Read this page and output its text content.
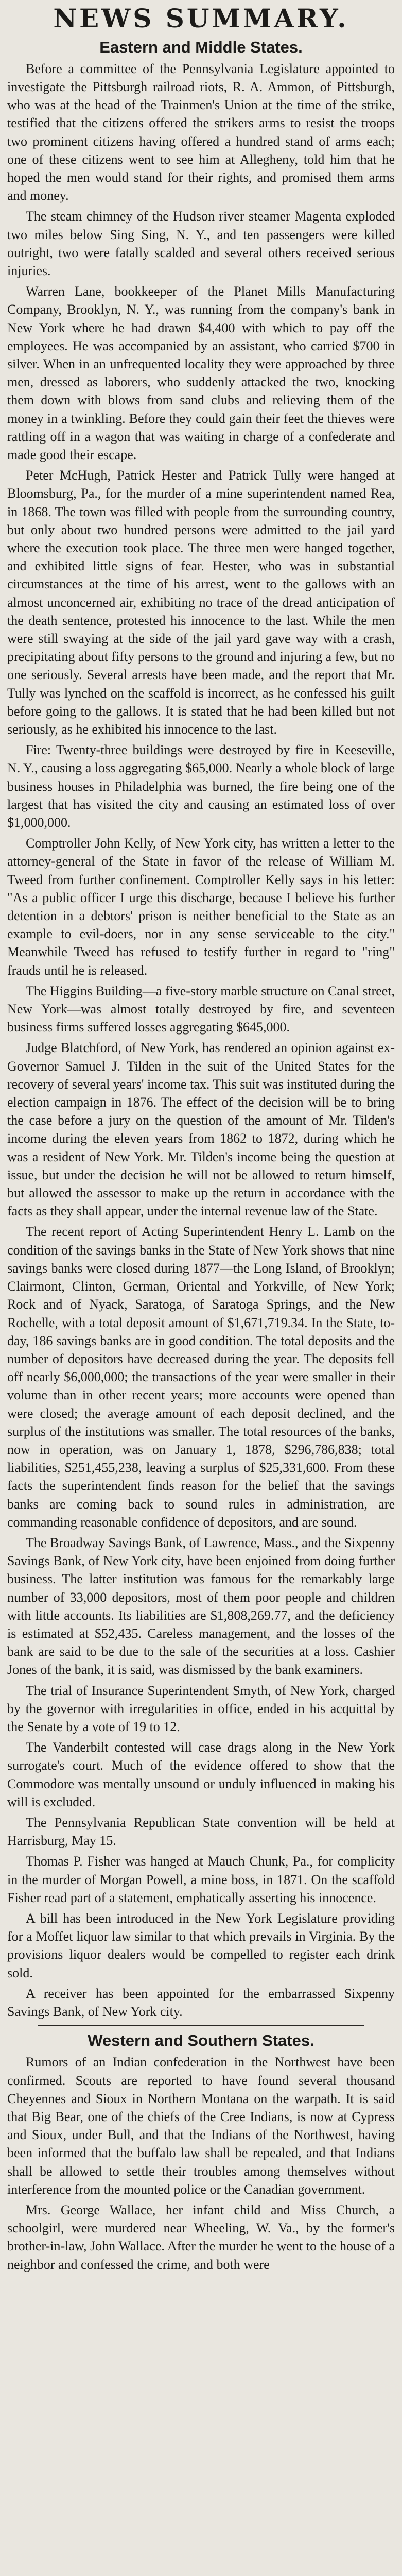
NEWS SUMMARY.
Eastern and Middle States.

Before a committee of the Pennsylvania Legislature appointed to investigate the Pittsburgh railroad riots, R. A. Ammon, of Pittsburgh, who was at the head of the Trainmen's Union at the time of the strike, testified that the citizens offered the strikers arms to resist the troops two prominent citizens having offered a hundred stand of arms each; one of these citizens went to see him at Allegheny, told him that he hoped the men would stand for their rights, and promised them arms and money.

The steam chimney of the Hudson river steamer Magenta exploded two miles below Sing Sing, N. Y., and ten passengers were killed outright, two were fatally scalded and several others received serious injuries.

Warren Lane, bookkeeper of the Planet Mills Manufacturing Company, Brooklyn, N. Y., was running from the company's bank in New York where he had drawn $4,400 with which to pay off the employees. He was accompanied by an assistant, who carried $700 in silver. When in an unfrequented locality they were approached by three men, dressed as laborers, who suddenly attacked the two, knocking them down with blows from sand clubs and relieving them of the money in a twinkling. Before they could gain their feet the thieves were rattling off in a wagon that was waiting in charge of a confederate and made good their escape.

Peter McHugh, Patrick Hester and Patrick Tully were hanged at Bloomsburg, Pa., for the murder of a mine superintendent named Rea, in 1868. The town was filled with people from the surrounding country, but only about two hundred persons were admitted to the jail yard where the execution took place. The three men were hanged together, and exhibited little signs of fear. Hester, who was in substantial circumstances at the time of his arrest, went to the gallows with an almost unconcerned air, exhibiting no trace of the dread anticipation of the death sentence, protested his innocence to the last. While the men were still swaying at the side of the jail yard gave way with a crash, precipitating about fifty persons to the ground and injuring a few, but no one seriously. Several arrests have been made, and the report that Mr. Tully was lynched on the scaffold is incorrect, as he confessed his guilt before going to the gallows. It is stated that he had been killed but not seriously, as he exhibited his innocence to the last.

Fire: Twenty-three buildings were destroyed by fire in Keeseville, N. Y., causing a loss aggregating $65,000. Nearly a whole block of large business houses in Philadelphia was burned, the fire being one of the largest that has visited the city and causing an estimated loss of over $1,000,000.

Comptroller John Kelly, of New York city, has written a letter to the attorney-general of the State in favor of the release of William M. Tweed from further confinement. Comptroller Kelly says in his letter: "As a public officer I urge this discharge, because I believe his further detention in a debtors' prison is neither beneficial to the State as an example to evil-doers, nor in any sense serviceable to the city." Meanwhile Tweed has refused to testify further in regard to "ring" frauds until he is released.

The Higgins Building—a five-story marble structure on Canal street, New York—was almost totally destroyed by fire, and seventeen business firms suffered losses aggregating $645,000.

Judge Blatchford, of New York, has rendered an opinion against ex-Governor Samuel J. Tilden in the suit of the United States for the recovery of several years' income tax. This suit was instituted during the election campaign in 1876. The effect of the decision will be to bring the case before a jury on the question of the amount of Mr. Tilden's income during the eleven years from 1862 to 1872, during which he was a resident of New York. Mr. Tilden's income being the question at issue, but under the decision he will not be allowed to return himself, but allowed the assessor to make up the return in accordance with the facts as they shall appear, under the internal revenue law of the State.

The recent report of Acting Superintendent Henry L. Lamb on the condition of the savings banks in the State of New York shows that nine savings banks were closed during 1877—the Long Island, of Brooklyn; Clairmont, Clinton, German, Oriental and Yorkville, of New York; Rock and of Nyack, Saratoga, of Saratoga Springs, and the New Rochelle, with a total deposit amount of $1,671,719.34. In the State, to-day, 186 savings banks are in good condition. The total deposits and the number of depositors have decreased during the year. The deposits fell off nearly $6,000,000; the transactions of the year were smaller in their volume than in other recent years; more accounts were opened than were closed; the average amount of each deposit declined, and the surplus of the institutions was smaller. The total resources of the banks, now in operation, was on January 1, 1878, $296,786,838; total liabilities, $251,455,238, leaving a surplus of $25,331,600. From these facts the superintendent finds reason for the belief that the savings banks are coming back to sound rules in administration, are commanding reasonable confidence of depositors, and are sound.

The Broadway Savings Bank, of Lawrence, Mass., and the Sixpenny Savings Bank, of New York city, have been enjoined from doing further business. The latter institution was famous for the remarkably large number of 33,000 depositors, most of them poor people and children with little accounts. Its liabilities are $1,808,269.77, and the deficiency is estimated at $52,435. Careless management, and the losses of the bank are said to be due to the sale of the securities at a loss. Cashier Jones of the bank, it is said, was dismissed by the bank examiners.

The trial of Insurance Superintendent Smyth, of New York, charged by the governor with irregularities in office, ended in his acquittal by the Senate by a vote of 19 to 12.

The Vanderbilt contested will case drags along in the New York surrogate's court. Much of the evidence offered to show that the Commodore was mentally unsound or unduly influenced in making his will is excluded.

The Pennsylvania Republican State convention will be held at Harrisburg, May 15.

Thomas P. Fisher was hanged at Mauch Chunk, Pa., for complicity in the murder of Morgan Powell, a mine boss, in 1871. On the scaffold Fisher read part of a statement, emphatically asserting his innocence.

A bill has been introduced in the New York Legislature providing for a Moffet liquor law similar to that which prevails in Virginia. By the provisions liquor dealers would be compelled to register each drink sold.

A receiver has been appointed for the embarrassed Sixpenny Savings Bank, of New York city.

Western and Southern States.

Rumors of an Indian confederation in the Northwest have been confirmed. Scouts are reported to have found several thousand Cheyennes and Sioux in Northern Montana on the warpath. It is said that Big Bear, one of the chiefs of the Cree Indians, is now at Cypress and Sioux, under Bull, and that the Indians of the Northwest, having been informed that the buffalo law shall be repealed, and that Indians shall be allowed to settle their troubles among themselves without interference from the mounted police or the Canadian government.

Mrs. George Wallace, her infant child and Miss Church, a schoolgirl, were murdered near Wheeling, W. Va., by the former's brother-in-law, John Wallace. After the murder he went to the house of a neighbor and confessed the crime, and both were
